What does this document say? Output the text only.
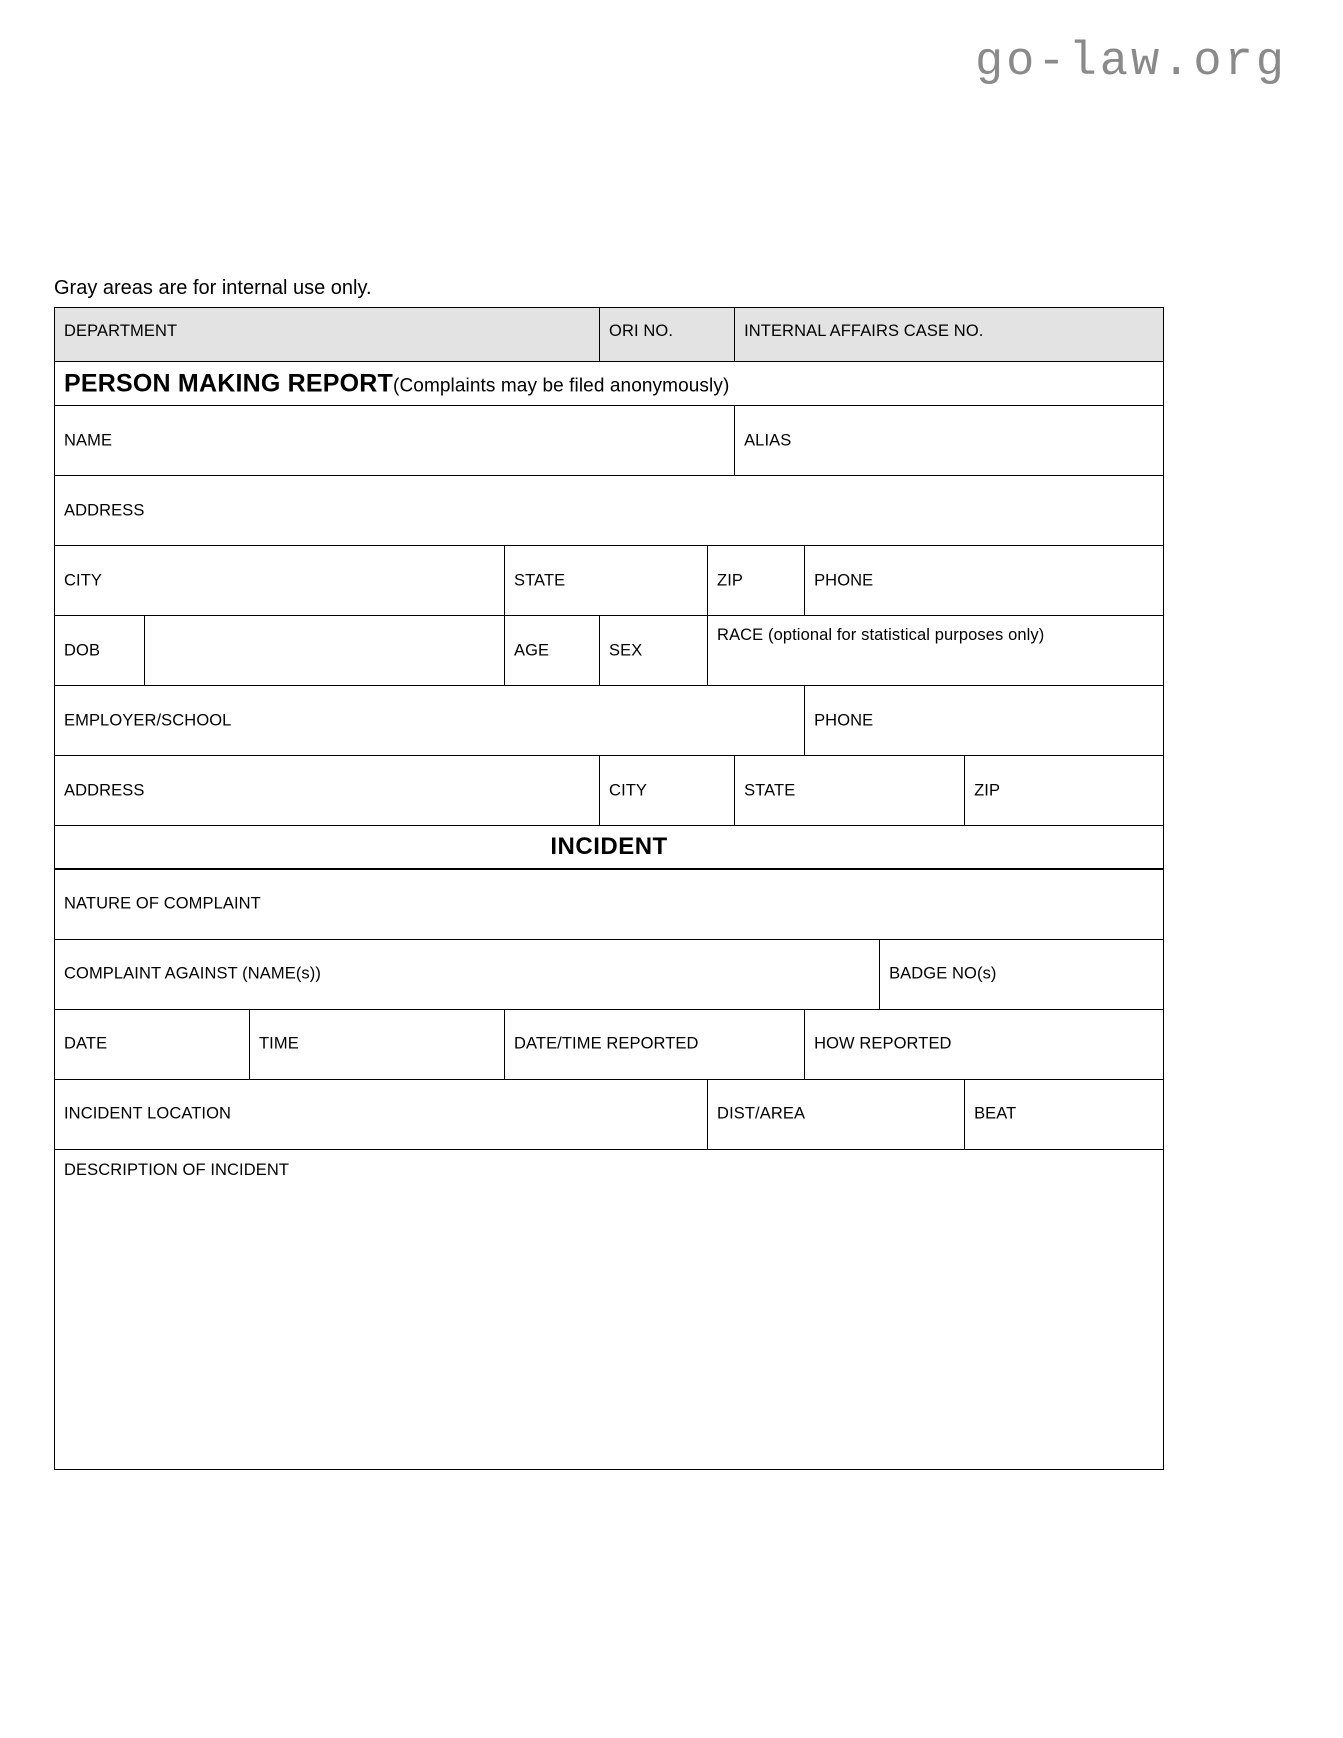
go-law.org
Gray areas are for internal use only.
DEPARTMENT				ORI NO.		INTERNAL AFFAIRS CASE NO.			

PERSON MAKING REPORT(Complaints may be filed anonymously)									

NAME						ALIAS			

ADDRESS									

CITY			STATE		ZIP		PHONE		

DOB			AGE	SEX	RACE (optional for statistical purposes only)				

EMPLOYER/SCHOOL							PHONE		

ADDRESS				CITY		STATE			ZIP

INCIDENT									

NATURE OF COMPLAINT									

COMPLAINT AGAINST (NAME(s))								BADGE NO(s)	

DATE		TIME	DATE/TIME REPORTED				HOW REPORTED		

INCIDENT LOCATION					DIST/AREA				BEAT

DESCRIPTION OF INCIDENT									
